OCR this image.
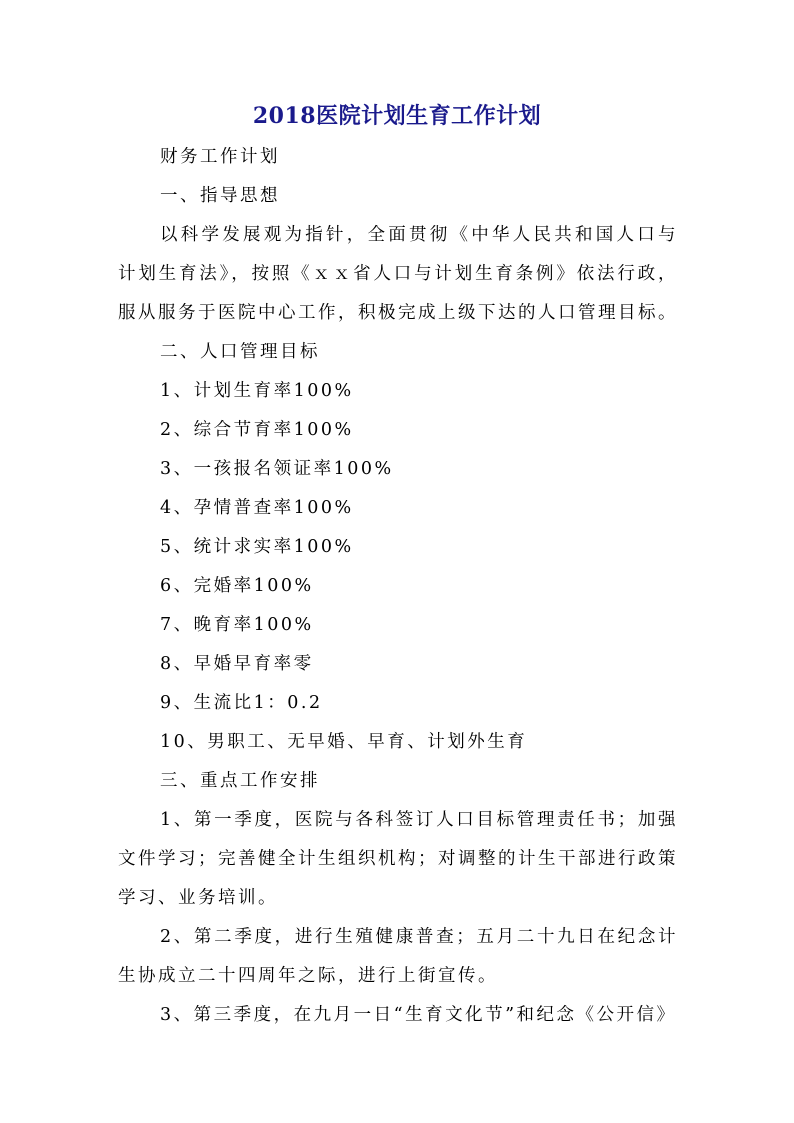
2018医院计划生育工作计划

财务工作计划

一、指导思想

以科学发展观为指针，全面贯彻《中华人民共和国人口与计划生育法》，按照《ｘｘ省人口与计划生育条例》依法行政，服从服务于医院中心工作，积极完成上级下达的人口管理目标。

二、人口管理目标

1、计划生育率100%

2、综合节育率100%

3、一孩报名领证率100%

4、孕情普查率100%

5、统计求实率100%

6、完婚率100%

7、晚育率100%

8、早婚早育率零

9、生流比1：0.2

10、男职工、无早婚、早育、计划外生育

三、重点工作安排

1、第一季度，医院与各科签订人口目标管理责任书；加强文件学习；完善健全计生组织机构；对调整的计生干部进行政策学习、业务培训。

2、第二季度，进行生殖健康普查；五月二十九日在纪念计生协成立二十四周年之际，进行上街宣传。

3、第三季度，在九月一日“生育文化节”和纪念《公开信》
